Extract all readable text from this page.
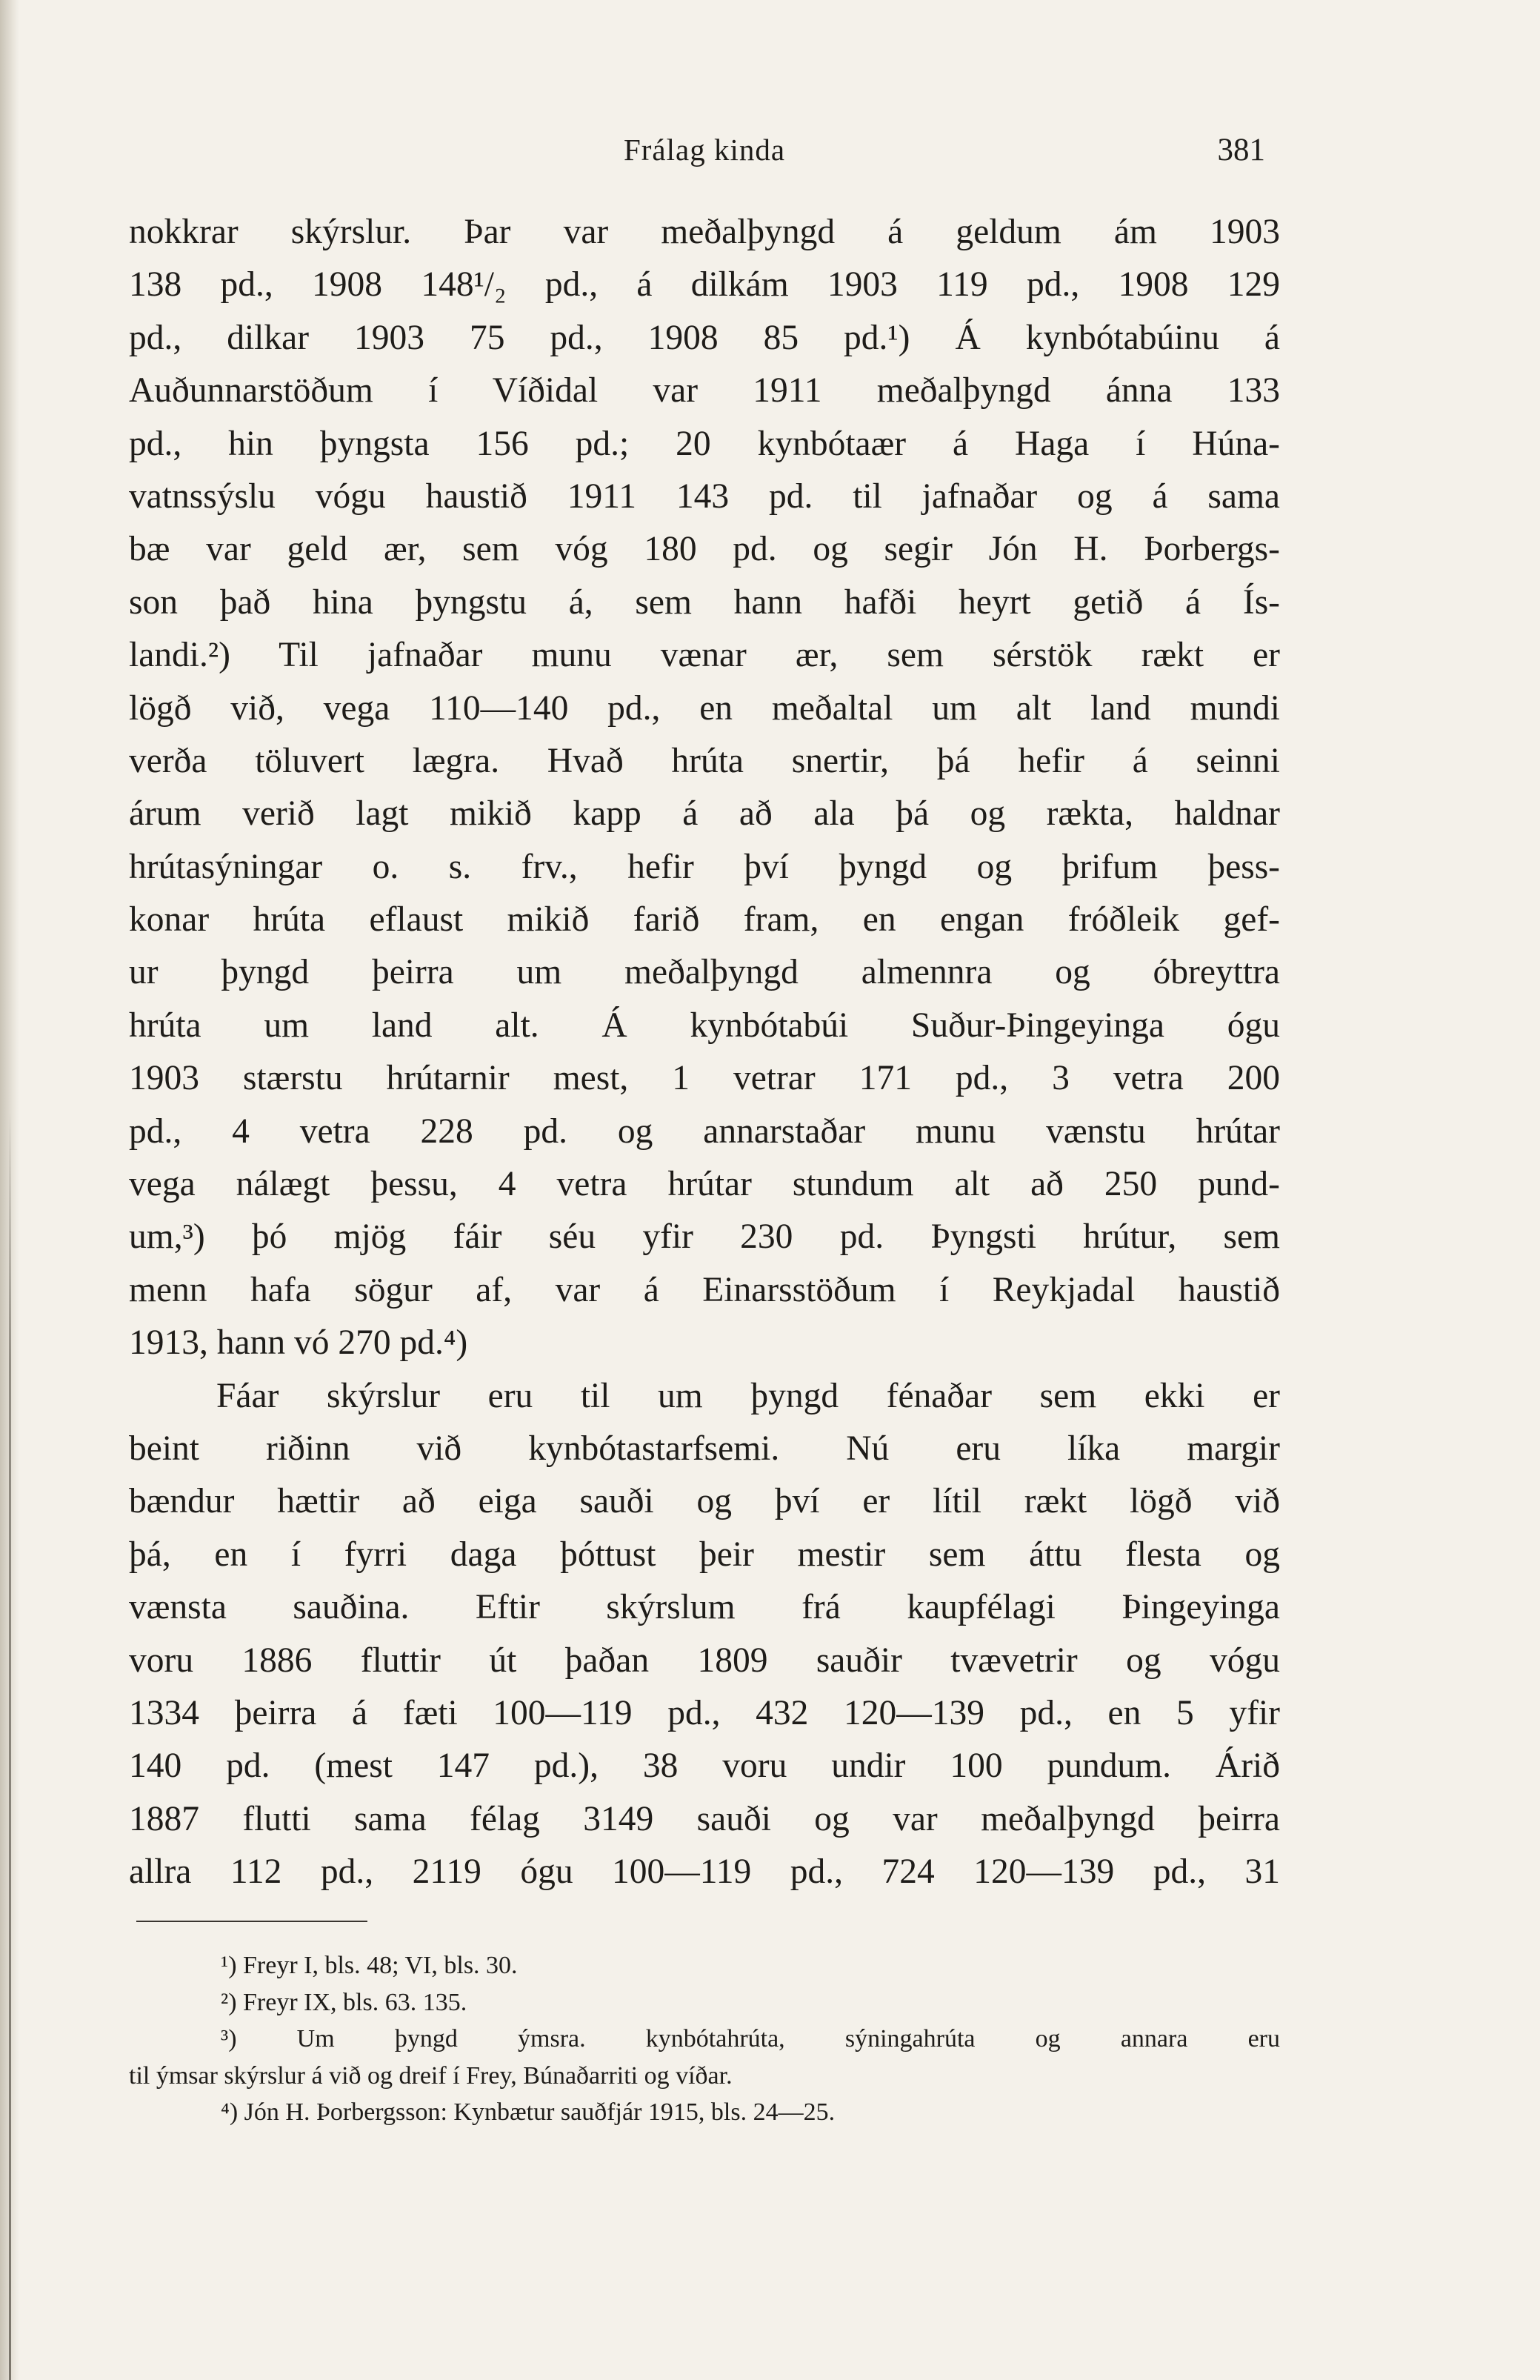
Frálag kinda	381
nokkrar skýrslur. Þar var meðalþyngd á geldum ám 1903
138 pd., 1908 148¹/₂ pd., á dilkám 1903 119 pd., 1908 129
pd., dilkar 1903 75 pd., 1908 85 pd.¹) Á kynbótabúinu á
Auðunnarstöðum í Víðidal var 1911 meðalþyngd ánna 133
pd., hin þyngsta 156 pd.; 20 kynbótaær á Haga í Húna-
vatnssýslu vógu haustið 1911 143 pd. til jafnaðar og á sama
bæ var geld ær, sem vóg 180 pd. og segir Jón H. Þorbergs-
son það hina þyngstu á, sem hann hafði heyrt getið á Ís-
landi.²) Til jafnaðar munu vænar ær, sem sérstök rækt er
lögð við, vega 110—140 pd., en meðaltal um alt land mundi
verða töluvert lægra. Hvað hrúta snertir, þá hefir á seinni
árum verið lagt mikið kapp á að ala þá og rækta, haldnar
hrútasýningar o. s. frv., hefir því þyngd og þrifum þess-
konar hrúta eflaust mikið farið fram, en engan fróðleik gef-
ur þyngd þeirra um meðalþyngd almennra og óbreyttra
hrúta um land alt. Á kynbótabúi Suður-Þingeyinga ógu
1903 stærstu hrútarnir mest, 1 vetrar 171 pd., 3 vetra 200
pd., 4 vetra 228 pd. og annarstaðar munu vænstu hrútar
vega nálægt þessu, 4 vetra hrútar stundum alt að 250 pund-
um,³) þó mjög fáir séu yfir 230 pd. Þyngsti hrútur, sem
menn hafa sögur af, var á Einarsstöðum í Reykjadal haustið
1913, hann vó 270 pd.⁴)
Fáar skýrslur eru til um þyngd fénaðar sem ekki er
beint riðinn við kynbótastarfsemi. Nú eru líka margir
bændur hættir að eiga sauði og því er lítil rækt lögð við
þá, en í fyrri daga þóttust þeir mestir sem áttu flesta og
vænsta sauðina. Eftir skýrslum frá kaupfélagi Þingeyinga
voru 1886 fluttir út þaðan 1809 sauðir tvævetrir og vógu
1334 þeirra á fæti 100—119 pd., 432 120—139 pd., en 5 yfir
140 pd. (mest 147 pd.), 38 voru undir 100 pundum. Árið
1887 flutti sama félag 3149 sauði og var meðalþyngd þeirra
allra 112 pd., 2119 ógu 100—119 pd., 724 120—139 pd., 31
¹) Freyr I, bls. 48; VI, bls. 30.
²) Freyr IX, bls. 63. 135.
³) Um þyngd ýmsra. kynbótahrúta, sýningahrúta og annara eru
til ýmsar skýrslur á við og dreif í Frey, Búnaðarriti og víðar.
⁴) Jón H. Þorbergsson: Kynbætur sauðfjár 1915, bls. 24—25.
